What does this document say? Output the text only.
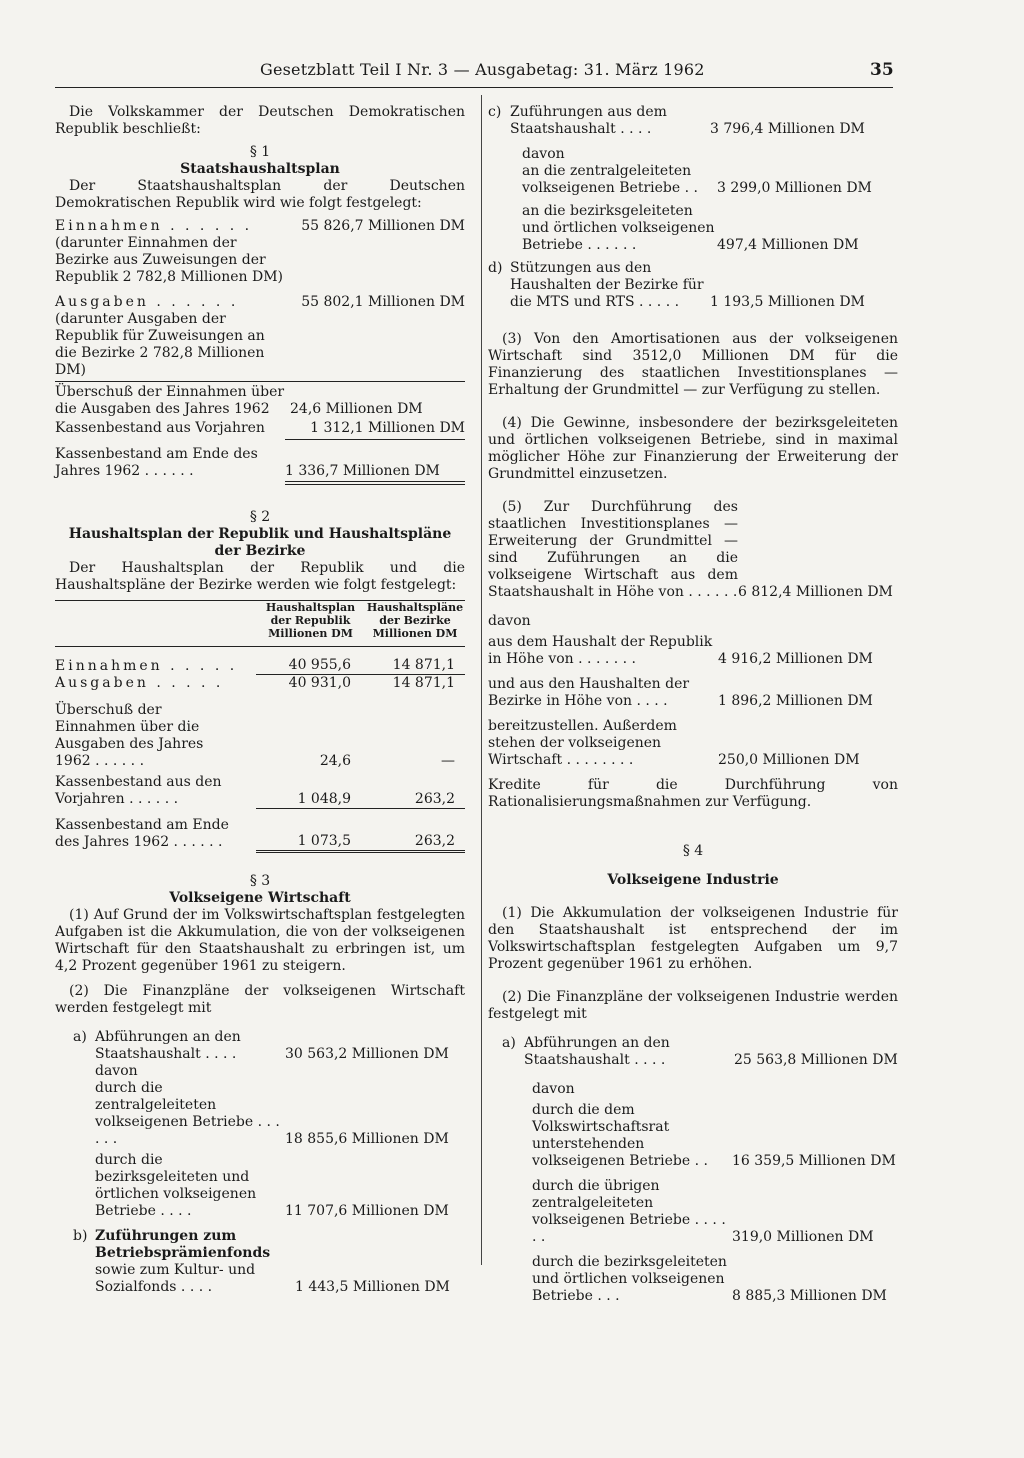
Gesetzblatt Teil I Nr. 3 — Ausgabetag: 31. März 1962	35

Die Volkskammer der Deutschen Demokratischen Republik beschließt:

§ 1

Staatshaushaltsplan

Der Staatshaushaltsplan der Deutschen Demokratischen Republik wird wie folgt festgelegt:

Einnahmen . . . . . .	55 826,7 Millionen DM

(darunter Einnahmen der Bezirke aus Zuweisungen der Republik 2 782,8 Millionen DM)

Ausgaben . . . . . .	55 802,1 Millionen DM

(darunter Ausgaben der Republik für Zuweisungen an die Bezirke 2 782,8 Millionen DM)

Überschuß der Einnahmen über die Ausgaben des Jahres 1962	24,6 Millionen DM
Kassenbestand aus Vorjahren	1 312,1 Millionen DM
Kassenbestand am Ende des Jahres 1962 . . . . . .	1 336,7 Millionen DM

§ 2

Haushaltsplan der Republik und Haushaltspläne der Bezirke

Der Haushaltsplan der Republik und die Haushaltspläne der Bezirke werden wie folgt festgelegt:

	Haushaltsplan der Republik Millionen DM	Haushaltspläne der Bezirke Millionen DM

Einnahmen . . . . .	40 955,6	14 871,1
Ausgaben . . . . .	40 931,0	14 871,1

Überschuß der Einnahmen über die Ausgaben des Jahres 1962 . . . . . .	24,6	—
Kassenbestand aus den Vorjahren . . . . . .	1 048,9	263,2

Kassenbestand am Ende des Jahres 1962 . . . . . .	1 073,5	263,2

§ 3

Volkseigene Wirtschaft

(1) Auf Grund der im Volkswirtschaftsplan festgelegten Aufgaben ist die Akkumulation, die von der volkseigenen Wirtschaft für den Staatshaushalt zu erbringen ist, um 4,2 Prozent gegenüber 1961 zu steigern.

(2) Die Finanzpläne der volkseigenen Wirtschaft werden festgelegt mit

a) Abführungen an den Staatshaushalt . . . .	30 563,2 Millionen DM

davon

durch die zentralgeleiteten volkseigenen Betriebe . . . . . .	18 855,6 Millionen DM
durch die bezirksgeleiteten und örtlichen volkseigenen Betriebe . . . .	11 707,6 Millionen DM
b) Zuführungen zum Betriebsprämienfonds sowie zum Kultur- und Sozialfonds . . . .	1 443,5 Millionen DM
c) Zuführungen aus dem Staatshaushalt . . . .	3 796,4 Millionen DM

davon

an die zentralgeleiteten volkseigenen Betriebe . .	3 299,0 Millionen DM
an die bezirksgeleiteten und örtlichen volkseigenen Betriebe . . . . . .	497,4 Millionen DM
d) Stützungen aus den Haushalten der Bezirke für die MTS und RTS . . . . .	1 193,5 Millionen DM

(3) Von den Amortisationen aus der volkseigenen Wirtschaft sind 3512,0 Millionen DM für die Finanzierung des staatlichen Investitionsplanes — Erhaltung der Grundmittel — zur Verfügung zu stellen.

(4) Die Gewinne, insbesondere der bezirksgeleiteten und örtlichen volkseigenen Betriebe, sind in maximal möglicher Höhe zur Finanzierung der Erweiterung der Grundmittel einzusetzen.

(5) Zur Durchführung des staatlichen Investitionsplanes — Erweiterung der Grundmittel — sind Zuführungen an die volkseigene Wirtschaft aus dem Staatshaushalt in Höhe von . . . . . . 6 812,4 Millionen DM

davon

aus dem Haushalt der Republik in Höhe von . . . . . . .	4 916,2 Millionen DM
und aus den Haushalten der Bezirke in Höhe von . . . .	1 896,2 Millionen DM
bereitzustellen. Außerdem stehen der volkseigenen Wirtschaft . . . . . . . .	250,0 Millionen DM

Kredite für die Durchführung von Rationalisierungsmaßnahmen zur Verfügung.

§ 4

Volkseigene Industrie

(1) Die Akkumulation der volkseigenen Industrie für den Staatshaushalt ist entsprechend der im Volkswirtschaftsplan festgelegten Aufgaben um 9,7 Prozent gegenüber 1961 zu erhöhen.

(2) Die Finanzpläne der volkseigenen Industrie werden festgelegt mit

a) Abführungen an den Staatshaushalt . . . .	25 563,8 Millionen DM

davon

durch die dem Volkswirtschaftsrat unterstehenden volkseigenen Betriebe . .	16 359,5 Millionen DM
durch die übrigen zentralgeleiteten volkseigenen Betriebe . . . . . .	319,0 Millionen DM
durch die bezirksgeleiteten und örtlichen volkseigenen Betriebe . . .	8 885,3 Millionen DM
